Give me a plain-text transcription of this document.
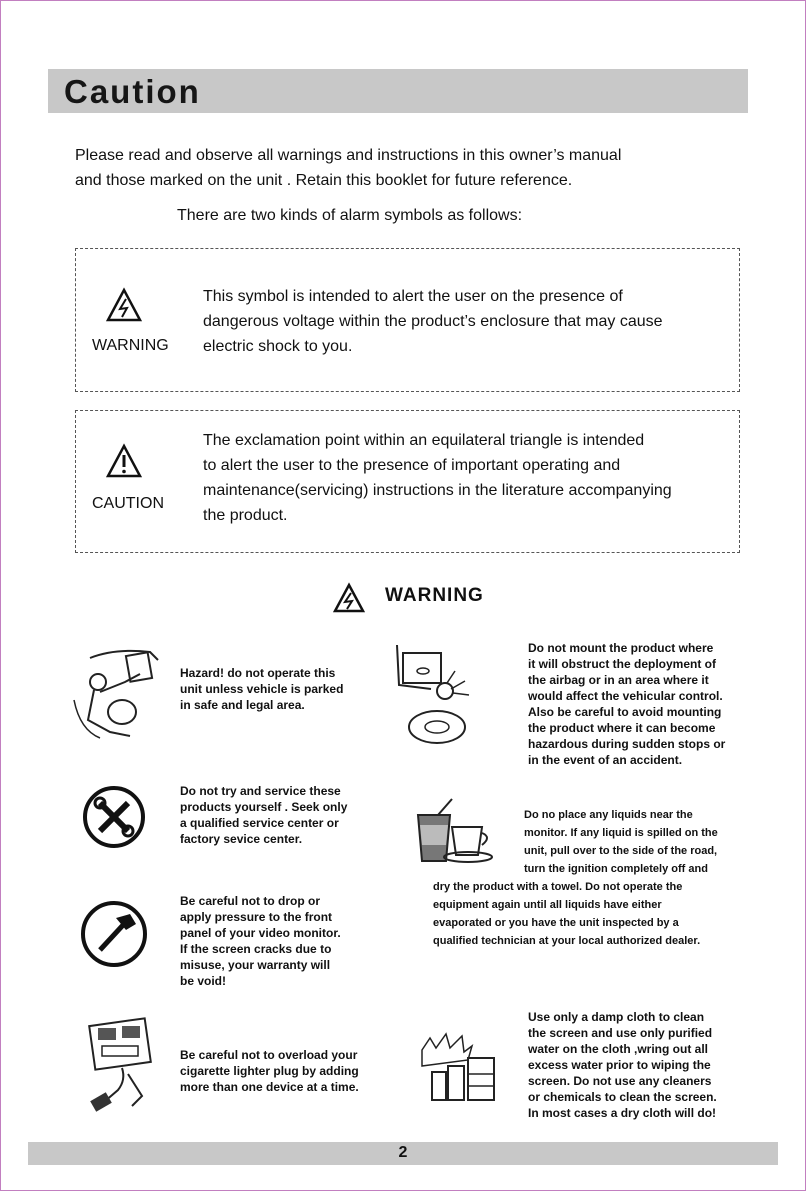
Caution
Please read and observe all warnings and instructions in this owner’s manual
and those marked on the unit . Retain this booklet for future reference.
There are two kinds of alarm symbols as follows:
WARNING
This symbol is intended to alert the user on the presence of
dangerous voltage within the product’s enclosure that may cause
electric shock to you.
CAUTION
The exclamation point within an equilateral triangle is intended
to alert the user to the presence of important operating and
maintenance(servicing) instructions in the literature accompanying
the product.
WARNING
Hazard! do not operate this
unit unless vehicle is parked
in safe and legal area.
Do not mount the product where
it will obstruct the deployment of
the airbag or in an area where it
would affect the vehicular control.
Also be careful to avoid mounting
the product where it can become
hazardous during sudden stops or
in the event of an accident.
Do not try and service these
products yourself . Seek only
a qualified service center or
factory sevice center.
Do no place any liquids near the
monitor. If any liquid is spilled on the
unit, pull over to the side of the road,
turn the ignition completely off and
dry the product with a towel. Do not operate the
equipment again until all liquids have either
evaporated or you have the unit inspected by a
qualified technician at your local authorized dealer.
Be careful not to drop or
apply pressure to the front
panel of your video monitor.
If the screen cracks due to
misuse, your warranty will
be void!
Be careful not to overload your
cigarette lighter plug by adding
more than one device at a time.
Use only a damp cloth to clean
the screen and use only purified
water on the cloth ,wring out all
excess water prior to wiping the
screen. Do not use any cleaners
or chemicals to clean the screen.
In most cases a dry cloth will do!
2
